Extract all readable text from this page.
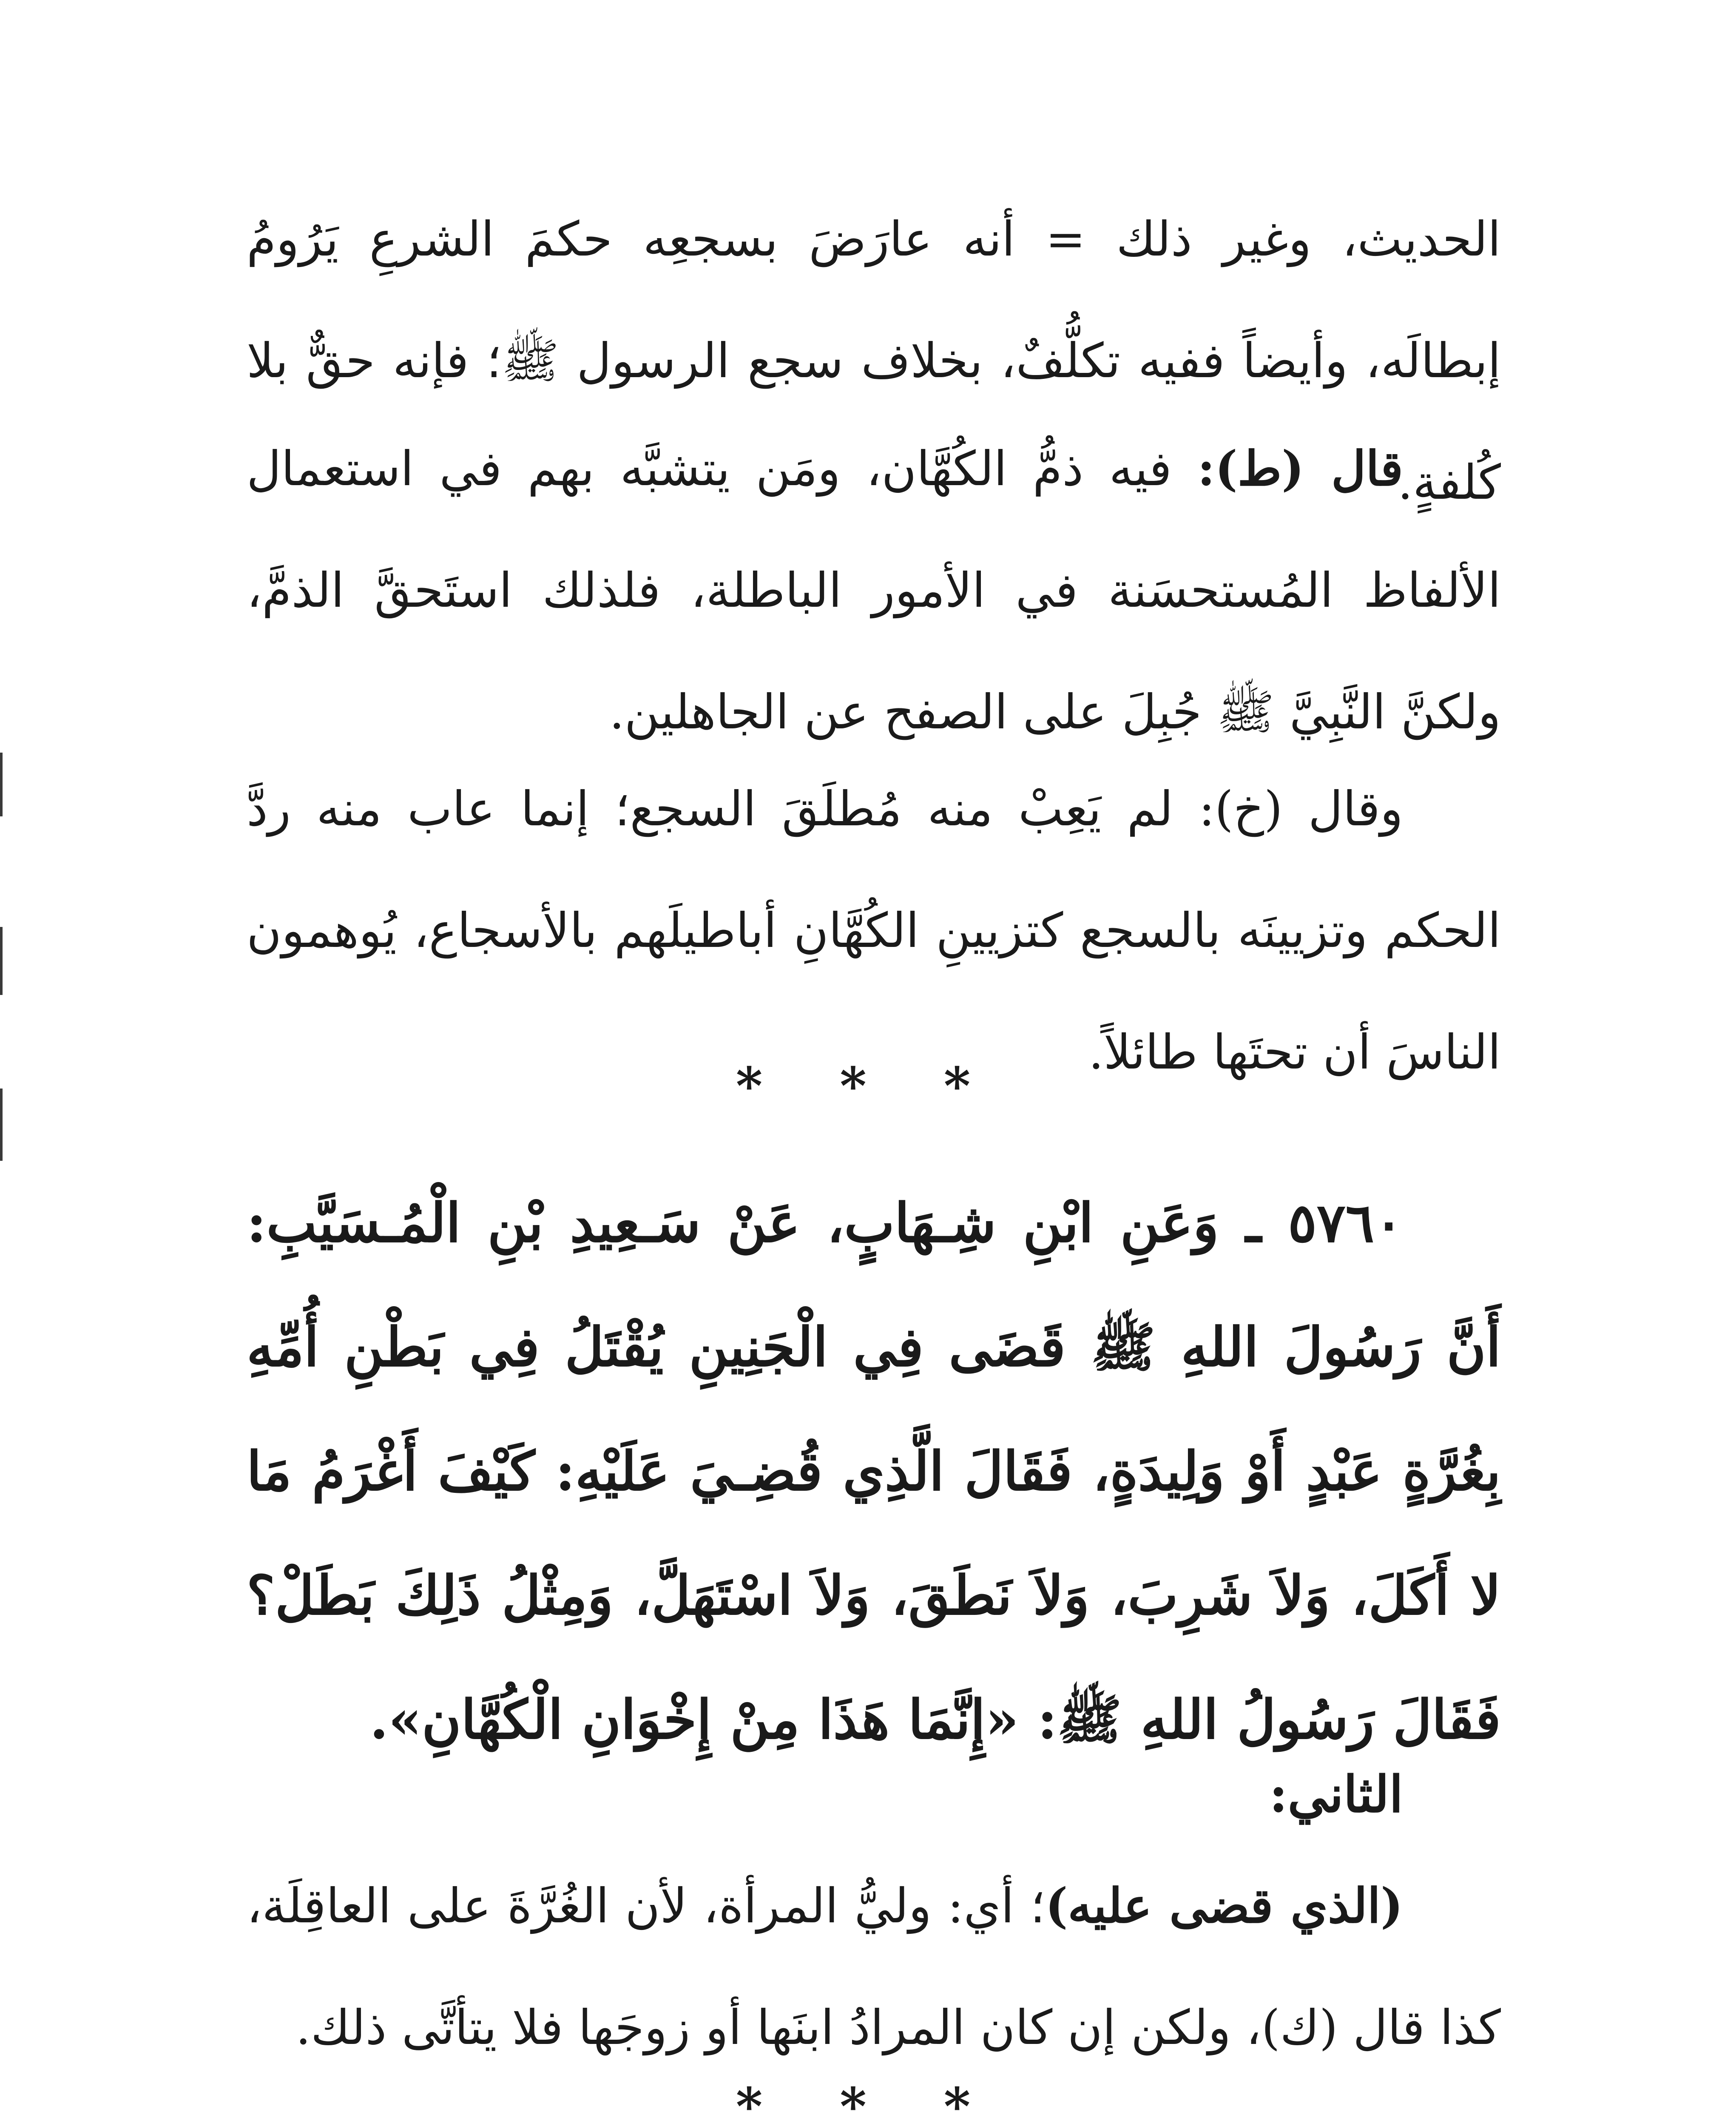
الحديث، وغير ذلك = أنه عارَضَ بسجعِه حكمَ الشرعِ يَرُومُ إبطالَه، وأيضاً ففيه تكلُّفٌ، بخلاف سجع الرسول ﷺ؛ فإنه حقٌّ بلا كُلفةٍ.

قال (ط): فيه ذمُّ الكُهَّان، ومَن يتشبَّه بهم في استعمال الألفاظ المُستحسَنة في الأمور الباطلة، فلذلك استَحقَّ الذمَّ، ولكنَّ النَّبِيَّ ﷺ جُبِلَ على الصفح عن الجاهلين.

وقال (خ): لم يَعِبْ منه مُطلَقَ السجع؛ إنما عاب منه ردَّ الحكم وتزيينَه بالسجع كتزيينِ الكُهَّانِ أباطيلَهم بالأسجاع، يُوهمون الناسَ أن تحتَها طائلاً.

* * *

٥٧٦٠ ـ وَعَنِ ابْنِ شِـهَابٍ، عَنْ سَـعِيدِ بْنِ الْمُـسَيَّبِ: أَنَّ رَسُولَ اللهِ ﷺ قَضَى فِي الْجَنِينِ يُقْتَلُ فِي بَطْنِ أُمِّهِ بِغُرَّةٍ عَبْدٍ أَوْ وَلِيدَةٍ، فَقَالَ الَّذِي قُضِـيَ عَلَيْهِ: كَيْفَ أَغْرَمُ مَا لا أَكَلَ، وَلاَ شَرِبَ، وَلاَ نَطَقَ، وَلاَ اسْتَهَلَّ، وَمِثْلُ ذَلِكَ بَطَلْ؟ فَقَالَ رَسُولُ اللهِ ﷺ: «إِنَّمَا هَذَا مِنْ إِخْوَانِ الْكُهَّانِ».

الثاني:

(الذي قضى عليه)؛ أي: وليُّ المرأة، لأن الغُرَّةَ على العاقِلَة، كذا قال (ك)، ولكن إن كان المرادُ ابنَها أو زوجَها فلا يتأتَّى ذلك.

* * *
